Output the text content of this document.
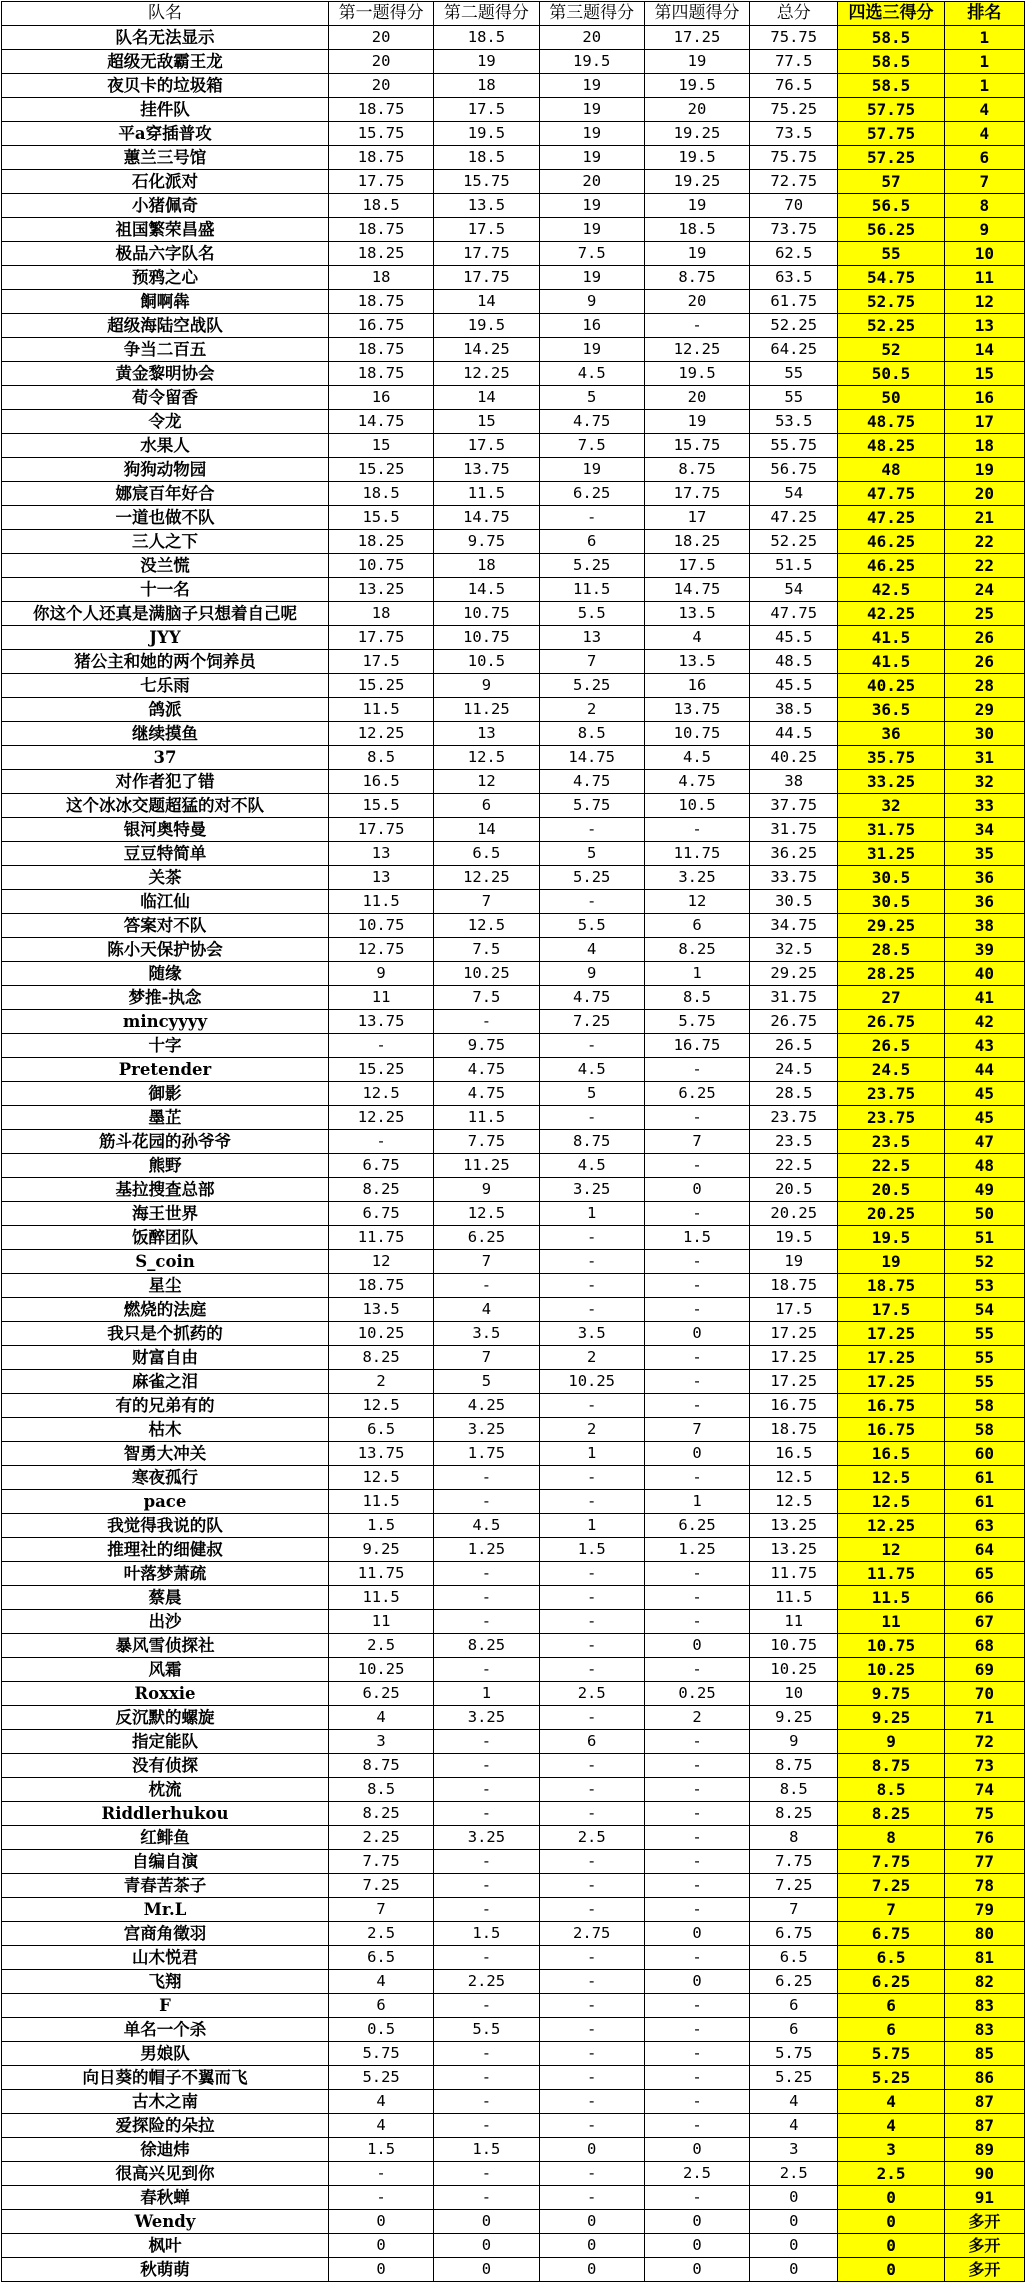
队名	第一题得分	第二题得分	第三题得分	第四题得分	总分	四选三得分	排名
队名无法显示	20	18.5	20	17.25	75.75	58.5	1
超级无敌霸王龙	20	19	19.5	19	77.5	58.5	1
夜贝卡的垃圾箱	20	18	19	19.5	76.5	58.5	1
挂件队	18.75	17.5	19	20	75.25	57.75	4
平a穿插普攻	15.75	19.5	19	19.25	73.5	57.75	4
蕙兰三号馆	18.75	18.5	19	19.5	75.75	57.25	6
石化派对	17.75	15.75	20	19.25	72.75	57	7
小猪佩奇	18.5	13.5	19	19	70	56.5	8
祖国繁荣昌盛	18.75	17.5	19	18.5	73.75	56.25	9
极品六字队名	18.25	17.75	7.5	19	62.5	55	10
预鸦之心	18	17.75	19	8.75	63.5	54.75	11
餇啊犇	18.75	14	9	20	61.75	52.75	12
超级海陆空战队	16.75	19.5	16	-	52.25	52.25	13
争当二百五	18.75	14.25	19	12.25	64.25	52	14
黄金黎明协会	18.75	12.25	4.5	19.5	55	50.5	15
荀令留香	16	14	5	20	55	50	16
令龙	14.75	15	4.75	19	53.5	48.75	17
水果人	15	17.5	7.5	15.75	55.75	48.25	18
狗狗动物园	15.25	13.75	19	8.75	56.75	48	19
娜宸百年好合	18.5	11.5	6.25	17.75	54	47.75	20
一道也做不队	15.5	14.75	-	17	47.25	47.25	21
三人之下	18.25	9.75	6	18.25	52.25	46.25	22
没兰慌	10.75	18	5.25	17.5	51.5	46.25	22
十一名	13.25	14.5	11.5	14.75	54	42.5	24
你这个人还真是满脑子只想着自己呢	18	10.75	5.5	13.5	47.75	42.25	25
JYY	17.75	10.75	13	4	45.5	41.5	26
猪公主和她的两个饲养员	17.5	10.5	7	13.5	48.5	41.5	26
七乐雨	15.25	9	5.25	16	45.5	40.25	28
鸽派	11.5	11.25	2	13.75	38.5	36.5	29
继续摸鱼	12.25	13	8.5	10.75	44.5	36	30
37	8.5	12.5	14.75	4.5	40.25	35.75	31
对作者犯了错	16.5	12	4.75	4.75	38	33.25	32
这个冰冰交题超猛的对不队	15.5	6	5.75	10.5	37.75	32	33
银河奥特曼	17.75	14	-	-	31.75	31.75	34
豆豆特简单	13	6.5	5	11.75	36.25	31.25	35
关茶	13	12.25	5.25	3.25	33.75	30.5	36
临江仙	11.5	7	-	12	30.5	30.5	36
答案对不队	10.75	12.5	5.5	6	34.75	29.25	38
陈小天保护协会	12.75	7.5	4	8.25	32.5	28.5	39
随缘	9	10.25	9	1	29.25	28.25	40
梦推-执念	11	7.5	4.75	8.5	31.75	27	41
mincyyyy	13.75	-	7.25	5.75	26.75	26.75	42
十字	-	9.75	-	16.75	26.5	26.5	43
Pretender	15.25	4.75	4.5	-	24.5	24.5	44
御影	12.5	4.75	5	6.25	28.5	23.75	45
墨芷	12.25	11.5	-	-	23.75	23.75	45
筋斗花园的孙爷爷	-	7.75	8.75	7	23.5	23.5	47
熊野	6.75	11.25	4.5	-	22.5	22.5	48
基拉搜查总部	8.25	9	3.25	0	20.5	20.5	49
海王世界	6.75	12.5	1	-	20.25	20.25	50
饭醉团队	11.75	6.25	-	1.5	19.5	19.5	51
S_coin	12	7	-	-	19	19	52
星尘	18.75	-	-	-	18.75	18.75	53
燃烧的法庭	13.5	4	-	-	17.5	17.5	54
我只是个抓药的	10.25	3.5	3.5	0	17.25	17.25	55
财富自由	8.25	7	2	-	17.25	17.25	55
麻雀之泪	2	5	10.25	-	17.25	17.25	55
有的兄弟有的	12.5	4.25	-	-	16.75	16.75	58
枯木	6.5	3.25	2	7	18.75	16.75	58
智勇大冲关	13.75	1.75	1	0	16.5	16.5	60
寒夜孤行	12.5	-	-	-	12.5	12.5	61
pace	11.5	-	-	1	12.5	12.5	61
我觉得我说的队	1.5	4.5	1	6.25	13.25	12.25	63
推理社的细健叔	9.25	1.25	1.5	1.25	13.25	12	64
叶落梦萧疏	11.75	-	-	-	11.75	11.75	65
蔡晨	11.5	-	-	-	11.5	11.5	66
出沙	11	-	-	-	11	11	67
暴风雪侦探社	2.5	8.25	-	0	10.75	10.75	68
风霜	10.25	-	-	-	10.25	10.25	69
Roxxie	6.25	1	2.5	0.25	10	9.75	70
反沉默的螺旋	4	3.25	-	2	9.25	9.25	71
指定能队	3	-	6	-	9	9	72
没有侦探	8.75	-	-	-	8.75	8.75	73
枕流	8.5	-	-	-	8.5	8.5	74
Riddlerhukou	8.25	-	-	-	8.25	8.25	75
红鲱鱼	2.25	3.25	2.5	-	8	8	76
自编自演	7.75	-	-	-	7.75	7.75	77
青春苦茶子	7.25	-	-	-	7.25	7.25	78
Mr.L	7	-	-	-	7	7	79
宫商角徵羽	2.5	1.5	2.75	0	6.75	6.75	80
山木悦君	6.5	-	-	-	6.5	6.5	81
飞翔	4	2.25	-	0	6.25	6.25	82
F	6	-	-	-	6	6	83
单名一个杀	0.5	5.5	-	-	6	6	83
男娘队	5.75	-	-	-	5.75	5.75	85
向日葵的帽子不翼而飞	5.25	-	-	-	5.25	5.25	86
古木之南	4	-	-	-	4	4	87
爱探险的朵拉	4	-	-	-	4	4	87
徐迪炜	1.5	1.5	0	0	3	3	89
很高兴见到你	-	-	-	2.5	2.5	2.5	90
春秋蝉	-	-	-	-	0	0	91
Wendy	0	0	0	0	0	0	多开
枫叶	0	0	0	0	0	0	多开
秋萌萌	0	0	0	0	0	0	多开
